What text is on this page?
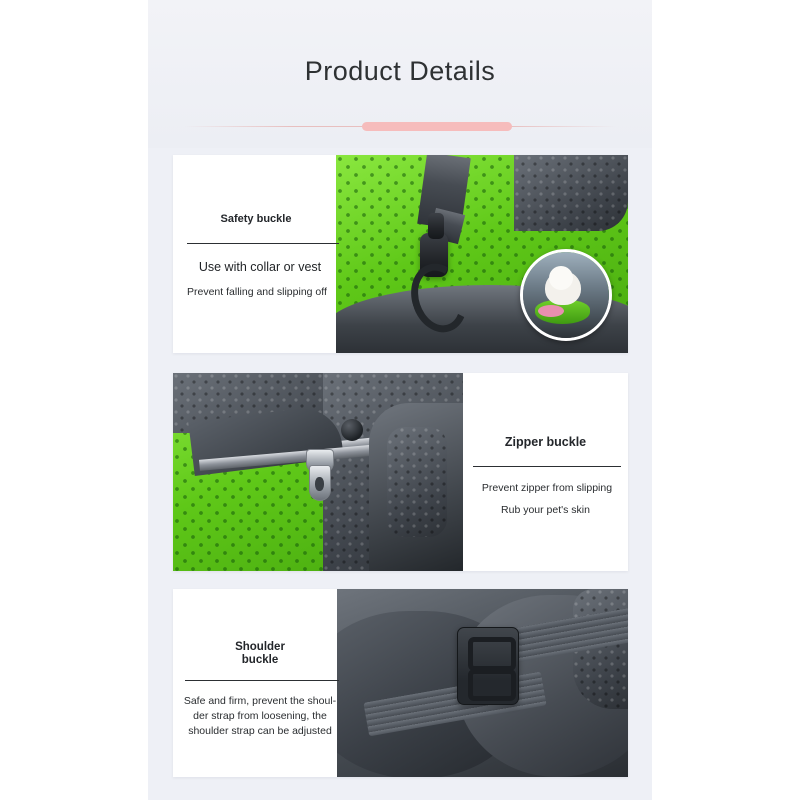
Product Details
Safety buckle
Use with collar or vest
Prevent falling and slipping off
Zipper buckle
Prevent zipper from slipping
Rub your pet's skin
Shoulder
buckle
Safe and firm, prevent the shoul-
der strap from loosening, the
shoulder strap can be adjusted
